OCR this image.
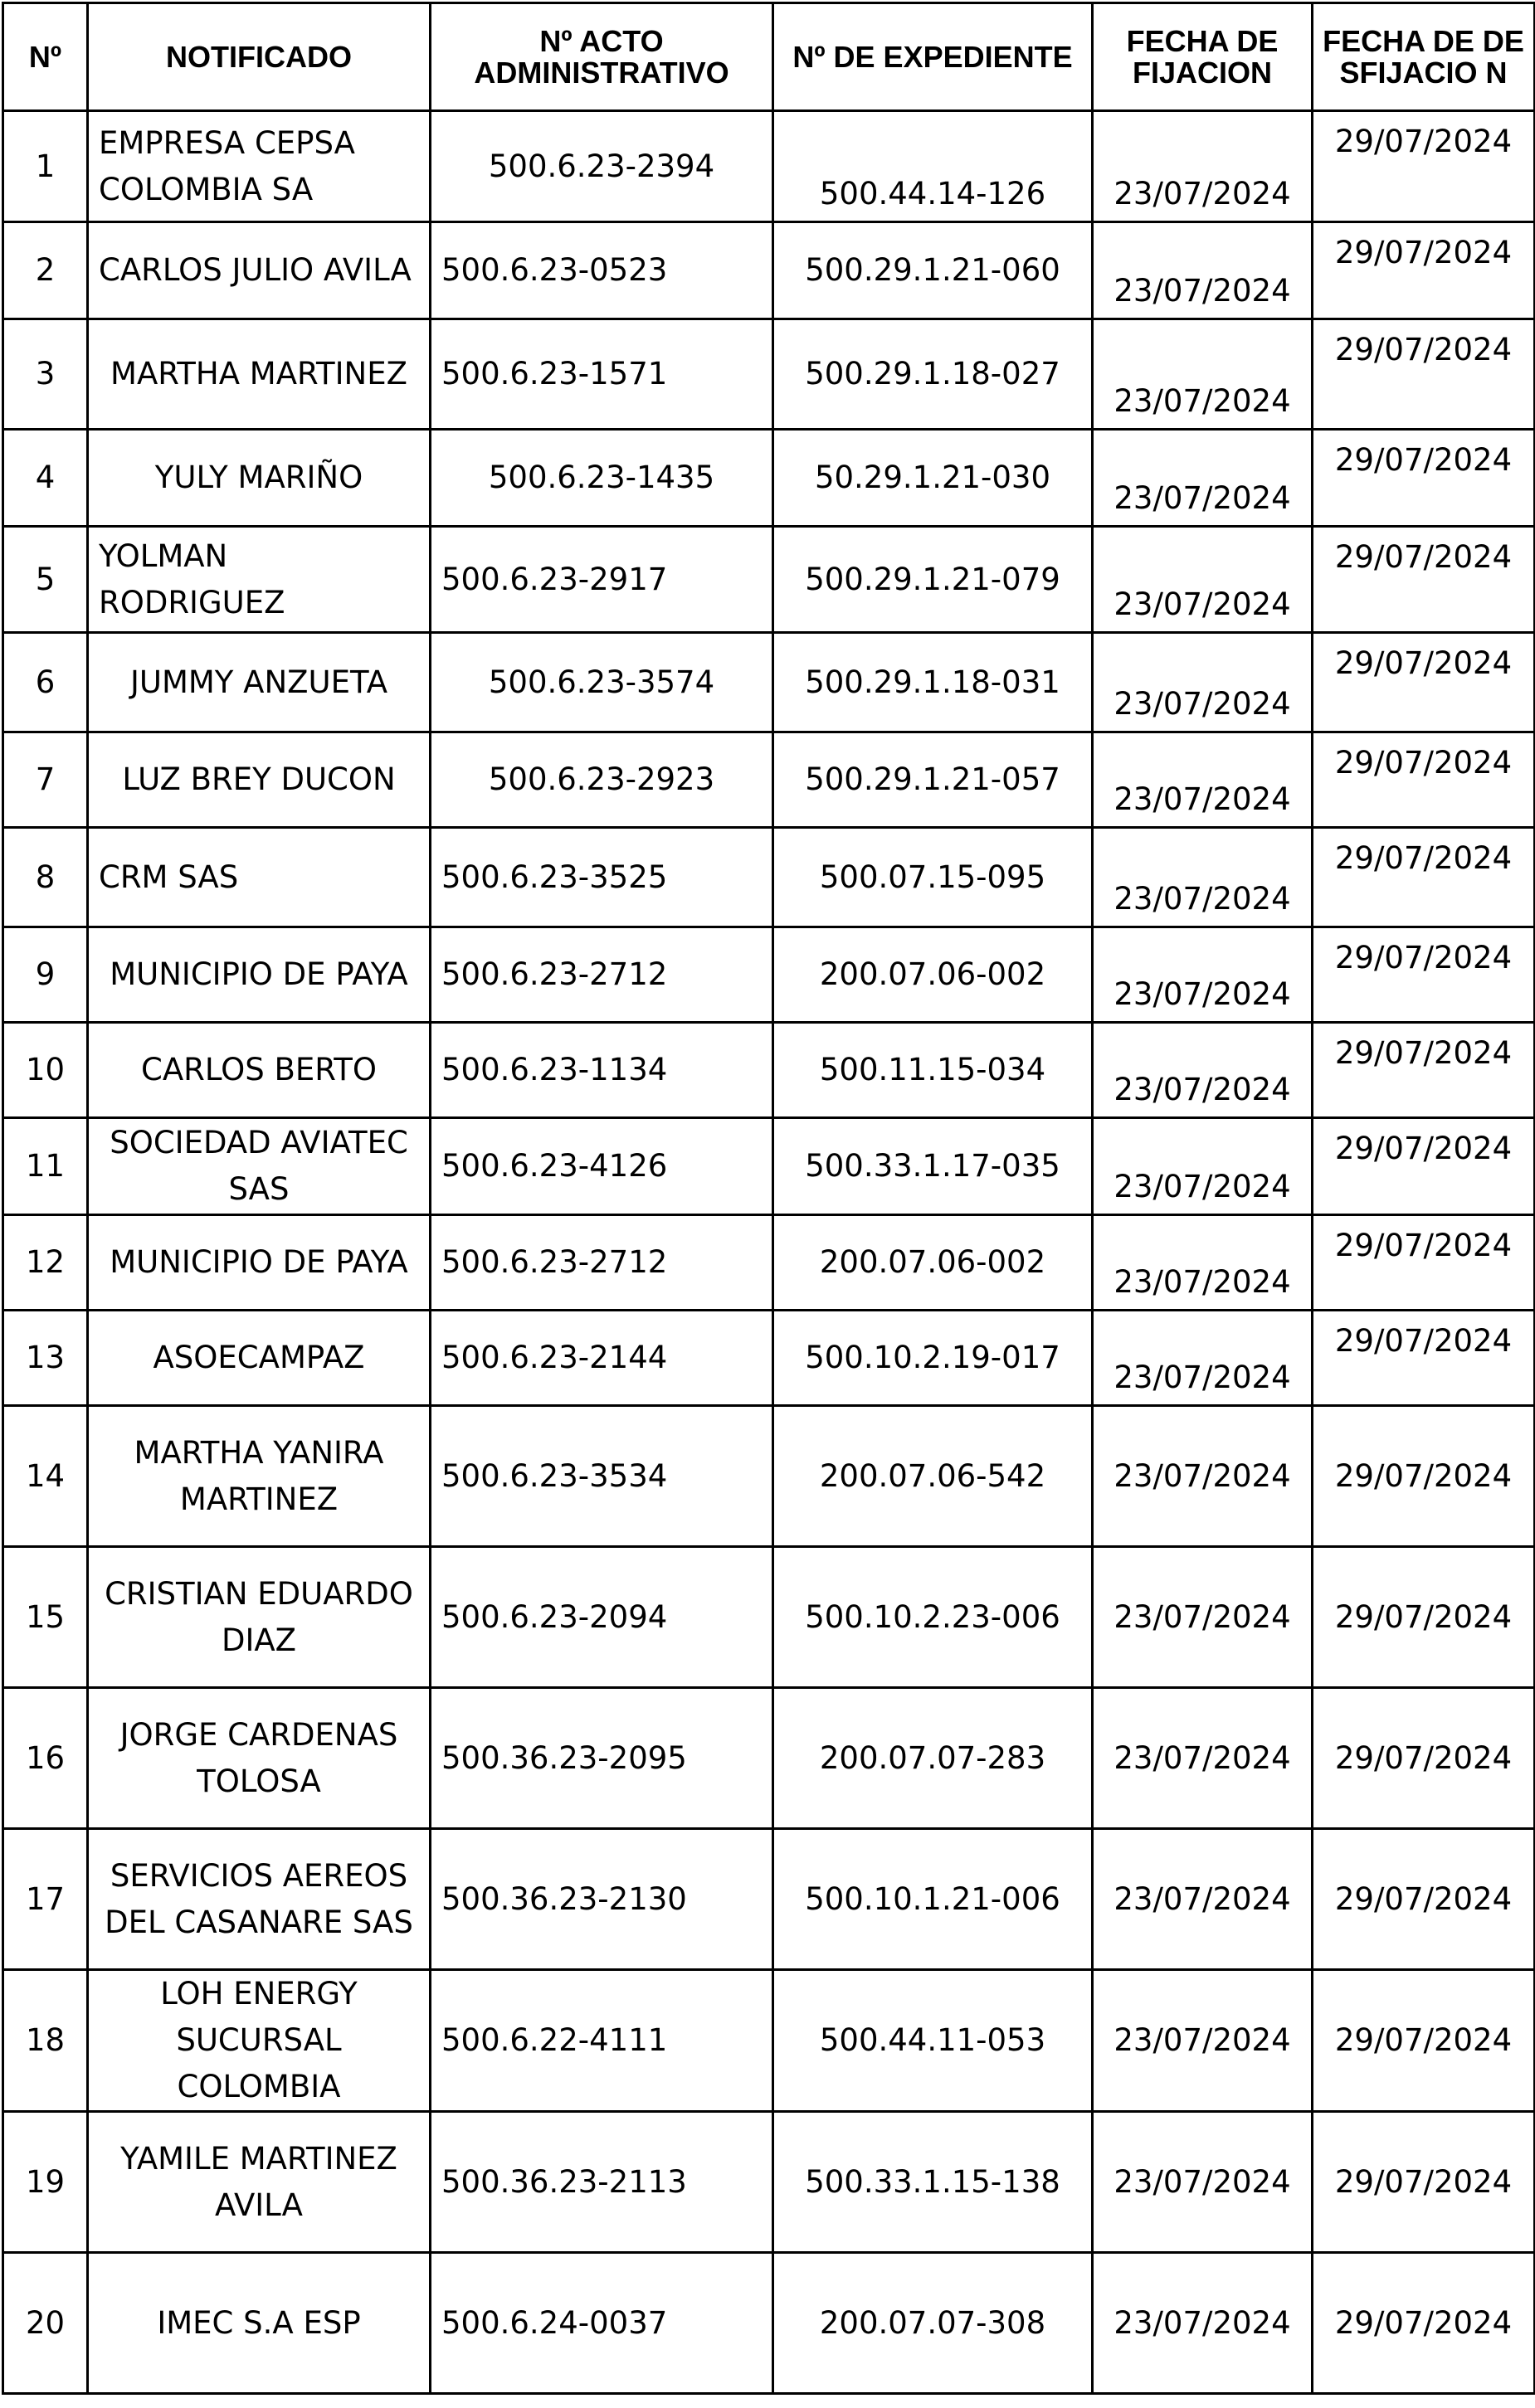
Nº	NOTIFICADO	Nº ACTO ADMINISTRATIVO	Nº DE EXPEDIENTE	FECHA DE FIJACION	FECHA DE DESFIJACIO N
1	EMPRESA CEPSA COLOMBIA SA	500.6.23-2394	500.44.14-126	23/07/2024	29/07/2024
2	CARLOS JULIO AVILA	500.6.23-0523	500.29.1.21-060	23/07/2024	29/07/2024
3	MARTHA MARTINEZ	500.6.23-1571	500.29.1.18-027	23/07/2024	29/07/2024
4	YULY MARIÑO	500.6.23-1435	50.29.1.21-030	23/07/2024	29/07/2024
5	YOLMAN RODRIGUEZ	500.6.23-2917	500.29.1.21-079	23/07/2024	29/07/2024
6	JUMMY ANZUETA	500.6.23-3574	500.29.1.18-031	23/07/2024	29/07/2024
7	LUZ BREY DUCON	500.6.23-2923	500.29.1.21-057	23/07/2024	29/07/2024
8	CRM SAS	500.6.23-3525	500.07.15-095	23/07/2024	29/07/2024
9	MUNICIPIO DE PAYA	500.6.23-2712	200.07.06-002	23/07/2024	29/07/2024
10	CARLOS BERTO	500.6.23-1134	500.11.15-034	23/07/2024	29/07/2024
11	SOCIEDAD AVIATEC SAS	500.6.23-4126	500.33.1.17-035	23/07/2024	29/07/2024
12	MUNICIPIO DE PAYA	500.6.23-2712	200.07.06-002	23/07/2024	29/07/2024
13	ASOECAMPAZ	500.6.23-2144	500.10.2.19-017	23/07/2024	29/07/2024
14	MARTHA YANIRA MARTINEZ	500.6.23-3534	200.07.06-542	23/07/2024	29/07/2024
15	CRISTIAN EDUARDO DIAZ	500.6.23-2094	500.10.2.23-006	23/07/2024	29/07/2024
16	JORGE CARDENAS TOLOSA	500.36.23-2095	200.07.07-283	23/07/2024	29/07/2024
17	SERVICIOS AEREOS DEL CASANARE SAS	500.36.23-2130	500.10.1.21-006	23/07/2024	29/07/2024
18	LOH ENERGY SUCURSAL COLOMBIA	500.6.22-4111	500.44.11-053	23/07/2024	29/07/2024
19	YAMILE MARTINEZ AVILA	500.36.23-2113	500.33.1.15-138	23/07/2024	29/07/2024
20	IMEC S.A ESP	500.6.24-0037	200.07.07-308	23/07/2024	29/07/2024
